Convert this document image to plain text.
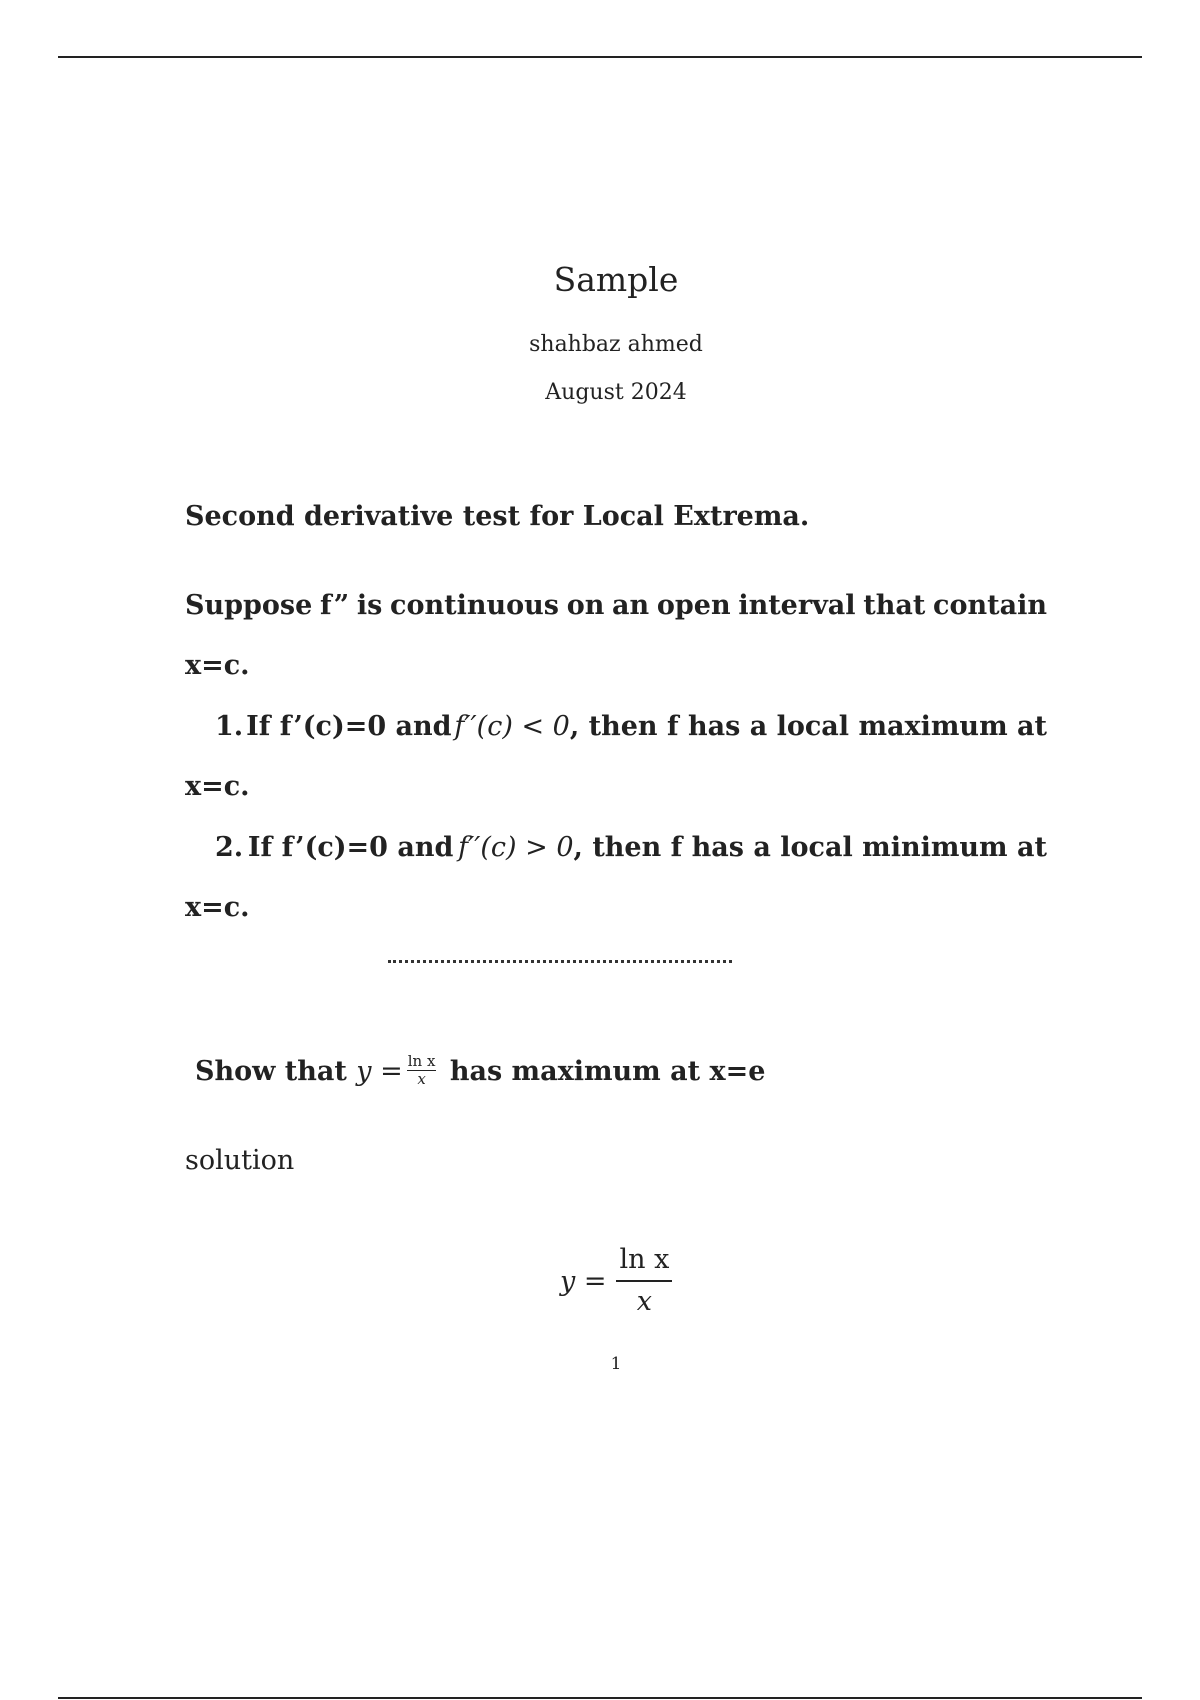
Sample
shahbaz ahmed
August 2024
Second derivative test for Local Extrema.
Suppose f” is continuous on an open interval that contain
x=c.
1. If f’(c)=0 and f′′(c) < 0, then f has a local maximum at
x=c.
2. If f’(c)=0 and f′′(c) > 0, then f has a local minimum at
x=c.
Show that $y = \frac{\text{ln x}}{x}$ has maximum at x=e
solution
$y = \frac{\text{ln x}}{x}$
1
